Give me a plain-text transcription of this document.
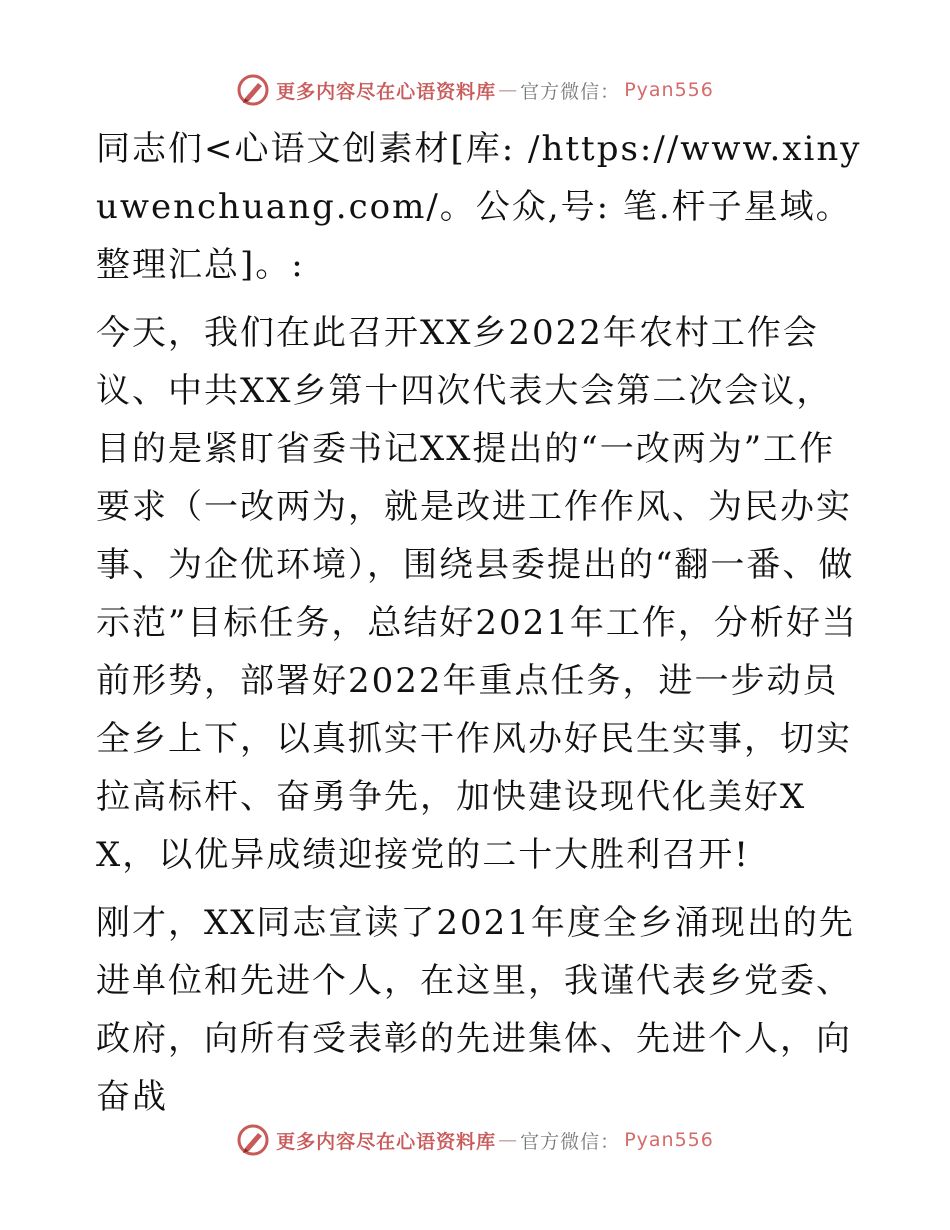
更多内容尽在心语资料库 — 官方微信： Pyan556

同志们<心语文创素材[库: /https://www.xinyuwenchuang.com/。公众,号: 笔.杆子星域。整理汇总]。:

今天，我们在此召开XX乡2022年农村工作会议、中共XX乡第十四次代表大会第二次会议，目的是紧盯省委书记XX提出的“一改两为”工作要求（一改两为，就是改进工作作风、为民办实事、为企优环境），围绕县委提出的“翻一番、做示范”目标任务，总结好2021年工作，分析好当前形势，部署好2022年重点任务，进一步动员全乡上下，以真抓实干作风办好民生实事，切实拉高标杆、奋勇争先，加快建设现代化美好XX，以优异成绩迎接党的二十大胜利召开!

刚才，XX同志宣读了2021年度全乡涌现出的先进单位和先进个人，在这里，我谨代表乡党委、政府，向所有受表彰的先进集体、先进个人，向奋战

更多内容尽在心语资料库 — 官方微信： Pyan556
